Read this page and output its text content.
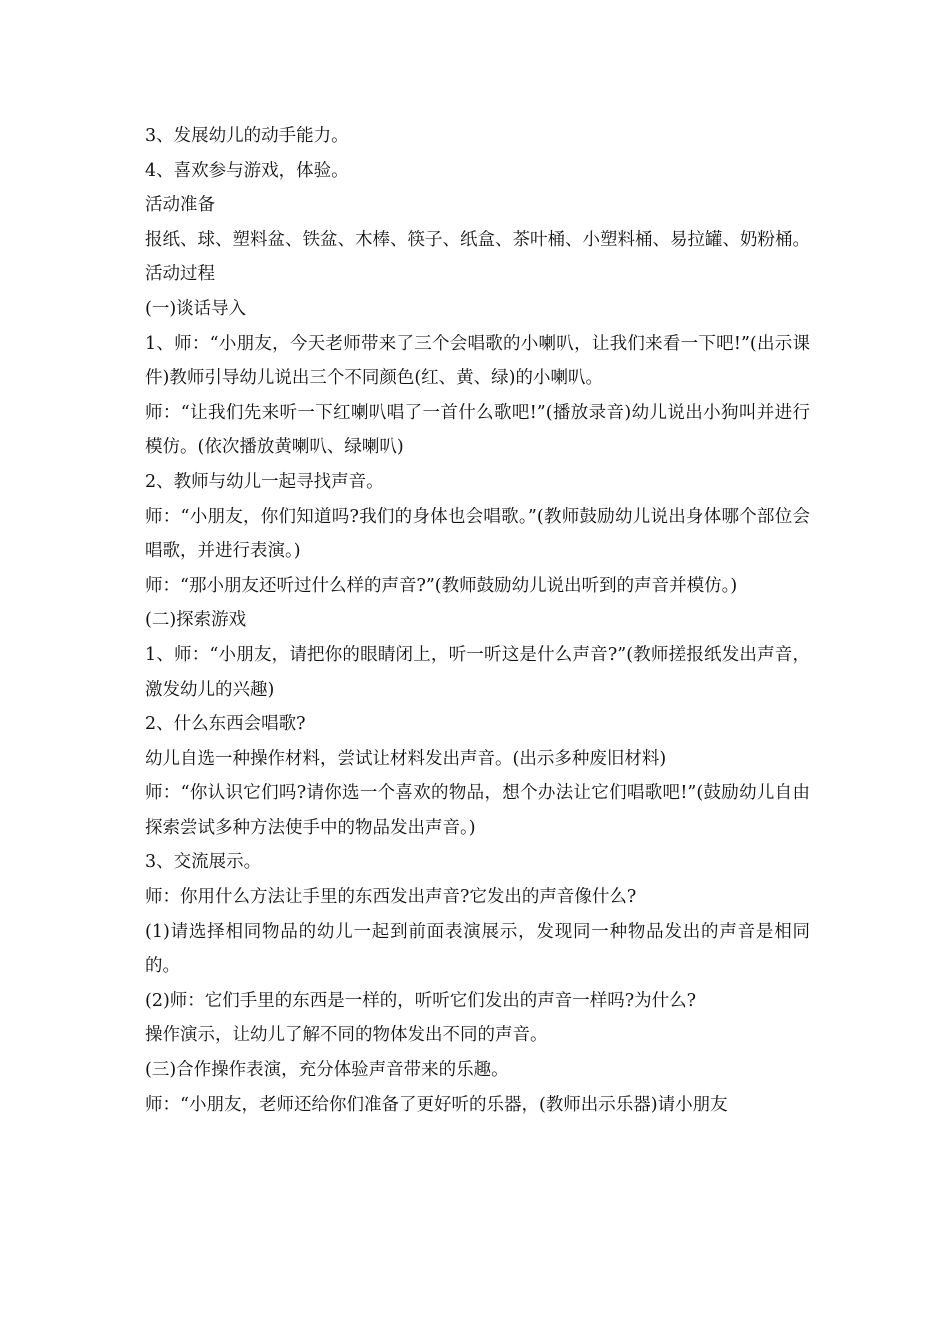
3、发展幼儿的动手能力。

4、喜欢参与游戏，体验。

活动准备

报纸、球、塑料盆、铁盆、木棒、筷子、纸盒、茶叶桶、小塑料桶、易拉罐、奶粉桶。

活动过程

(一)谈话导入

1、师：“小朋友，今天老师带来了三个会唱歌的小喇叭，让我们来看一下吧!”(出示课件)教师引导幼儿说出三个不同颜色(红、黄、绿)的小喇叭。

师：“让我们先来听一下红喇叭唱了一首什么歌吧!”(播放录音)幼儿说出小狗叫并进行模仿。(依次播放黄喇叭、绿喇叭)

2、教师与幼儿一起寻找声音。

师：“小朋友，你们知道吗?我们的身体也会唱歌。”(教师鼓励幼儿说出身体哪个部位会唱歌，并进行表演。)

师：“那小朋友还听过什么样的声音?”(教师鼓励幼儿说出听到的声音并模仿。)

(二)探索游戏

1、师：“小朋友，请把你的眼睛闭上，听一听这是什么声音?”(教师搓报纸发出声音，激发幼儿的兴趣)

2、什么东西会唱歌?

幼儿自选一种操作材料，尝试让材料发出声音。(出示多种废旧材料)

师：“你认识它们吗?请你选一个喜欢的物品，想个办法让它们唱歌吧!”(鼓励幼儿自由探索尝试多种方法使手中的物品发出声音。)

3、交流展示。

师：你用什么方法让手里的东西发出声音?它发出的声音像什么?

(1)请选择相同物品的幼儿一起到前面表演展示，发现同一种物品发出的声音是相同的。

(2)师：它们手里的东西是一样的，听听它们发出的声音一样吗?为什么?

操作演示，让幼儿了解不同的物体发出不同的声音。

(三)合作操作表演，充分体验声音带来的乐趣。

师：“小朋友，老师还给你们准备了更好听的乐器，(教师出示乐器)请小朋友
